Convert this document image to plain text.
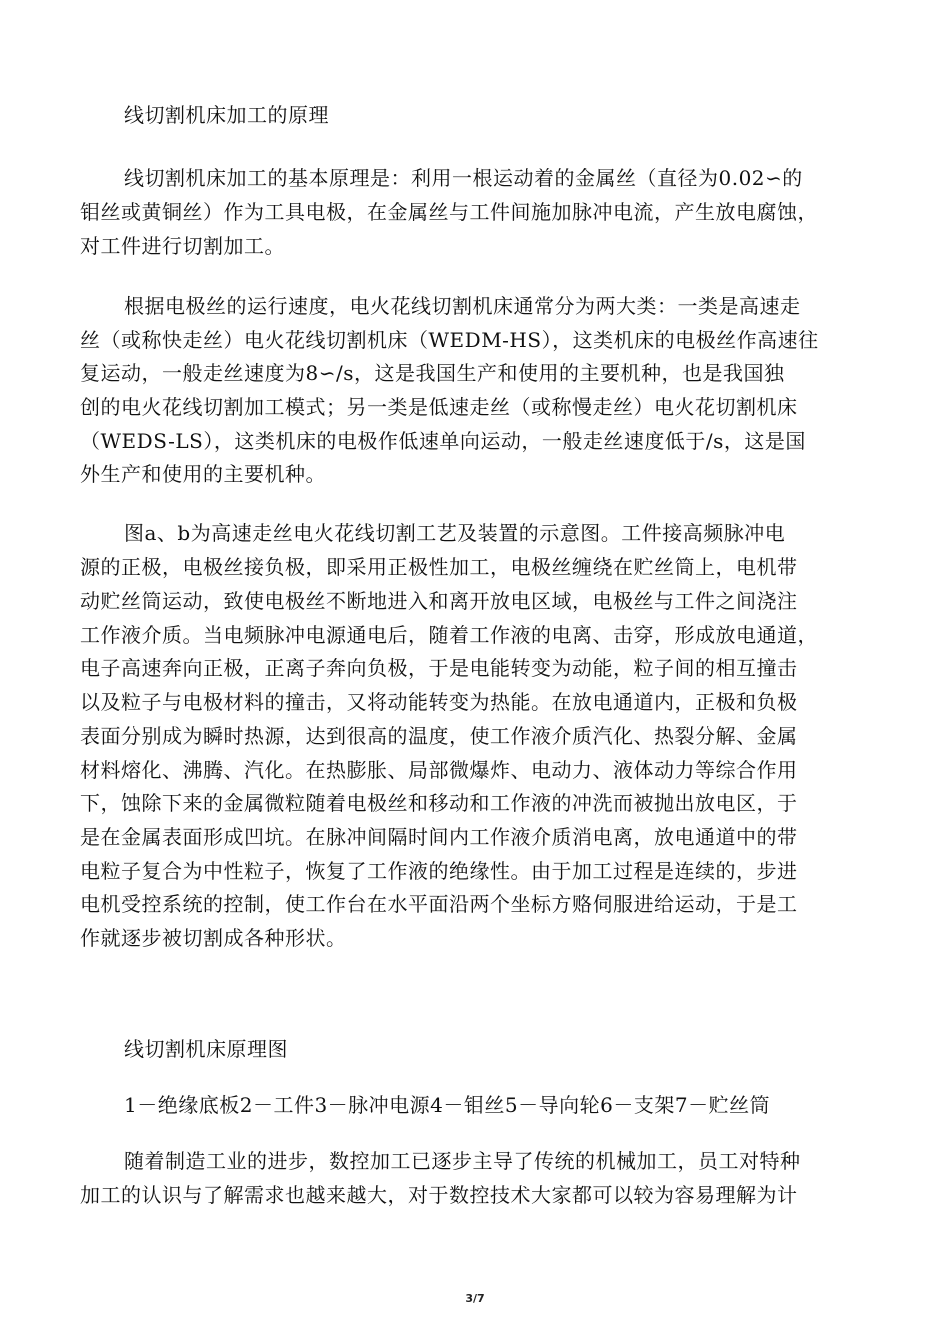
线切割机床加工的原理
线切割机床加工的基本原理是：利用一根运动着的金属丝（直径为0.02∽的
钼丝或黄铜丝）作为工具电极，在金属丝与工件间施加脉冲电流，产生放电腐蚀，
对工件进行切割加工。
根据电极丝的运行速度，电火花线切割机床通常分为两大类：一类是高速走
丝（或称快走丝）电火花线切割机床（WEDM-HS），这类机床的电极丝作高速往
复运动，一般走丝速度为8∽/s，这是我国生产和使用的主要机种，也是我国独
创的电火花线切割加工模式；另一类是低速走丝（或称慢走丝）电火花切割机床
（WEDS-LS），这类机床的电极作低速单向运动，一般走丝速度低于/s，这是国
外生产和使用的主要机种。
图a、b为高速走丝电火花线切割工艺及装置的示意图。工件接高频脉冲电
源的正极，电极丝接负极，即采用正极性加工，电极丝缠绕在贮丝筒上，电机带
动贮丝筒运动，致使电极丝不断地进入和离开放电区域，电极丝与工件之间浇注
工作液介质。当电频脉冲电源通电后，随着工作液的电离、击穿，形成放电通道，
电子高速奔向正极，正离子奔向负极，于是电能转变为动能，粒子间的相互撞击
以及粒子与电极材料的撞击，又将动能转变为热能。在放电通道内，正极和负极
表面分别成为瞬时热源，达到很高的温度，使工作液介质汽化、热裂分解、金属
材料熔化、沸腾、汽化。在热膨胀、局部微爆炸、电动力、液体动力等综合作用
下，蚀除下来的金属微粒随着电极丝和移动和工作液的冲洗而被抛出放电区，于
是在金属表面形成凹坑。在脉冲间隔时间内工作液介质消电离，放电通道中的带
电粒子复合为中性粒子，恢复了工作液的绝缘性。由于加工过程是连续的，步进
电机受控系统的控制，使工作台在水平面沿两个坐标方赂伺服进给运动，于是工
作就逐步被切割成各种形状。
线切割机床原理图
1－绝缘底板2－工件3－脉冲电源4－钼丝5－导向轮6－支架7－贮丝筒
随着制造工业的进步，数控加工已逐步主导了传统的机械加工，员工对特种
加工的认识与了解需求也越来越大，对于数控技术大家都可以较为容易理解为计
3/7
